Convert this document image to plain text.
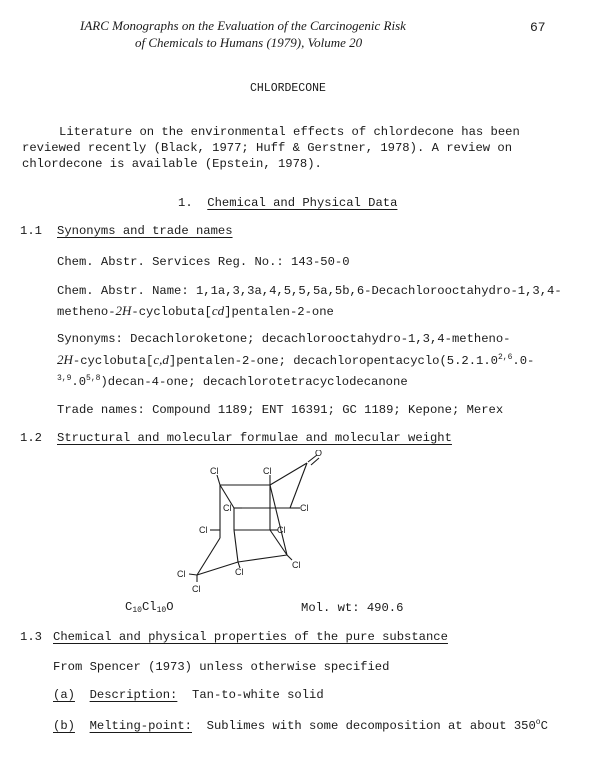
IARC Monographs on the Evaluation of the Carcinogenic Risk	67
of Chemicals to Humans (1979), Volume 20
CHLORDECONE
Literature on the environmental effects of chlordecone has been
reviewed recently (Black, 1977; Huff & Gerstner, 1978). A review on
chlordecone is available (Epstein, 1978).
1. Chemical and Physical Data
1.1 Synonyms and trade names
Chem. Abstr. Services Reg. No.: 143-50-0
Chem. Abstr. Name: 1,1a,3,3a,4,5,5,5a,5b,6-Decachlorooctahydro-1,3,4-
metheno-2H-cyclobuta[cd]pentalen-2-one
Synonyms: Decachloroketone; decachlorooctahydro-1,3,4-metheno-
2H-cyclobuta[c,d]pentalen-2-one; decachloropentacyclo(5.2.1.0$^{2,6}$.0-
$^{3,9}$.0$^{5,8}$)decan-4-one; decachlorotetracyclodecanone
Trade names: Compound 1189; ENT 16391; GC 1189; Kepone; Merex
1.2 Structural and molecular formulae and molecular weight
Cl	Cl
O
Cl	Cl
Cl	Cl
Cl
Cl
Cl
Cl
$C_{10}Cl_{10}O$	Mol. wt: 490.6
1.3 Chemical and physical properties of the pure substance
From Spencer (1973) unless otherwise specified
(a) Description: Tan-to-white solid
(b) Melting-point: Sublimes with some decomposition at about 350$^o$C
